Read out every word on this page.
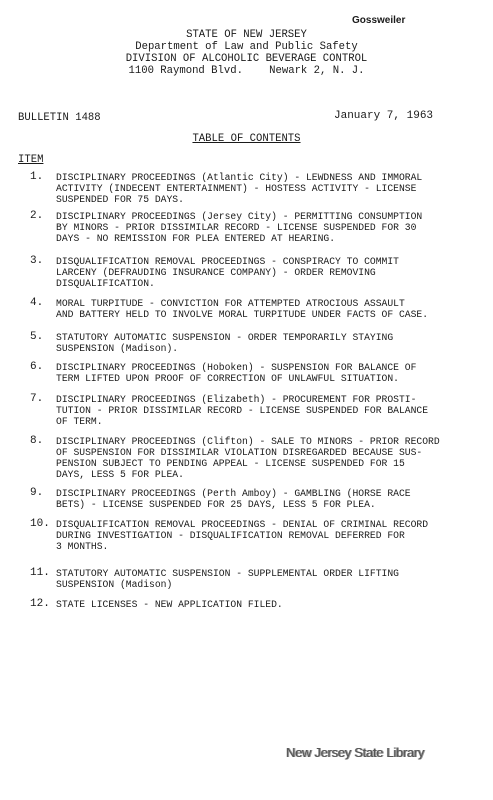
Gossweiler
STATE OF NEW JERSEY
Department of Law and Public Safety
DIVISION OF ALCOHOLIC BEVERAGE CONTROL
1100 Raymond Blvd. Newark 2, N. J.
BULLETIN 1488	January 7, 1963
TABLE OF CONTENTS
ITEM
1. DISCIPLINARY PROCEEDINGS (Atlantic City) - LEWDNESS AND IMMORAL
ACTIVITY (INDECENT ENTERTAINMENT) - HOSTESS ACTIVITY - LICENSE
SUSPENDED FOR 75 DAYS.
2. DISCIPLINARY PROCEEDINGS (Jersey City) - PERMITTING CONSUMPTION
BY MINORS - PRIOR DISSIMILAR RECORD - LICENSE SUSPENDED FOR 30
DAYS - NO REMISSION FOR PLEA ENTERED AT HEARING.
3. DISQUALIFICATION REMOVAL PROCEEDINGS - CONSPIRACY TO COMMIT
LARCENY (DEFRAUDING INSURANCE COMPANY) - ORDER REMOVING
DISQUALIFICATION.
4. MORAL TURPITUDE - CONVICTION FOR ATTEMPTED ATROCIOUS ASSAULT
AND BATTERY HELD TO INVOLVE MORAL TURPITUDE UNDER FACTS OF CASE.
5. STATUTORY AUTOMATIC SUSPENSION - ORDER TEMPORARILY STAYING
SUSPENSION (Madison).
6. DISCIPLINARY PROCEEDINGS (Hoboken) - SUSPENSION FOR BALANCE OF
TERM LIFTED UPON PROOF OF CORRECTION OF UNLAWFUL SITUATION.
7. DISCIPLINARY PROCEEDINGS (Elizabeth) - PROCUREMENT FOR PROSTI-
TUTION - PRIOR DISSIMILAR RECORD - LICENSE SUSPENDED FOR BALANCE
OF TERM.
8. DISCIPLINARY PROCEEDINGS (Clifton) - SALE TO MINORS - PRIOR RECORD
OF SUSPENSION FOR DISSIMILAR VIOLATION DISREGARDED BECAUSE SUS-
PENSION SUBJECT TO PENDING APPEAL - LICENSE SUSPENDED FOR 15
DAYS, LESS 5 FOR PLEA.
9. DISCIPLINARY PROCEEDINGS (Perth Amboy) - GAMBLING (HORSE RACE
BETS) - LICENSE SUSPENDED FOR 25 DAYS, LESS 5 FOR PLEA.
10. DISQUALIFICATION REMOVAL PROCEEDINGS - DENIAL OF CRIMINAL RECORD
DURING INVESTIGATION - DISQUALIFICATION REMOVAL DEFERRED FOR
3 MONTHS.
11. STATUTORY AUTOMATIC SUSPENSION - SUPPLEMENTAL ORDER LIFTING
SUSPENSION (Madison)
12. STATE LICENSES - NEW APPLICATION FILED.
New Jersey State Library
